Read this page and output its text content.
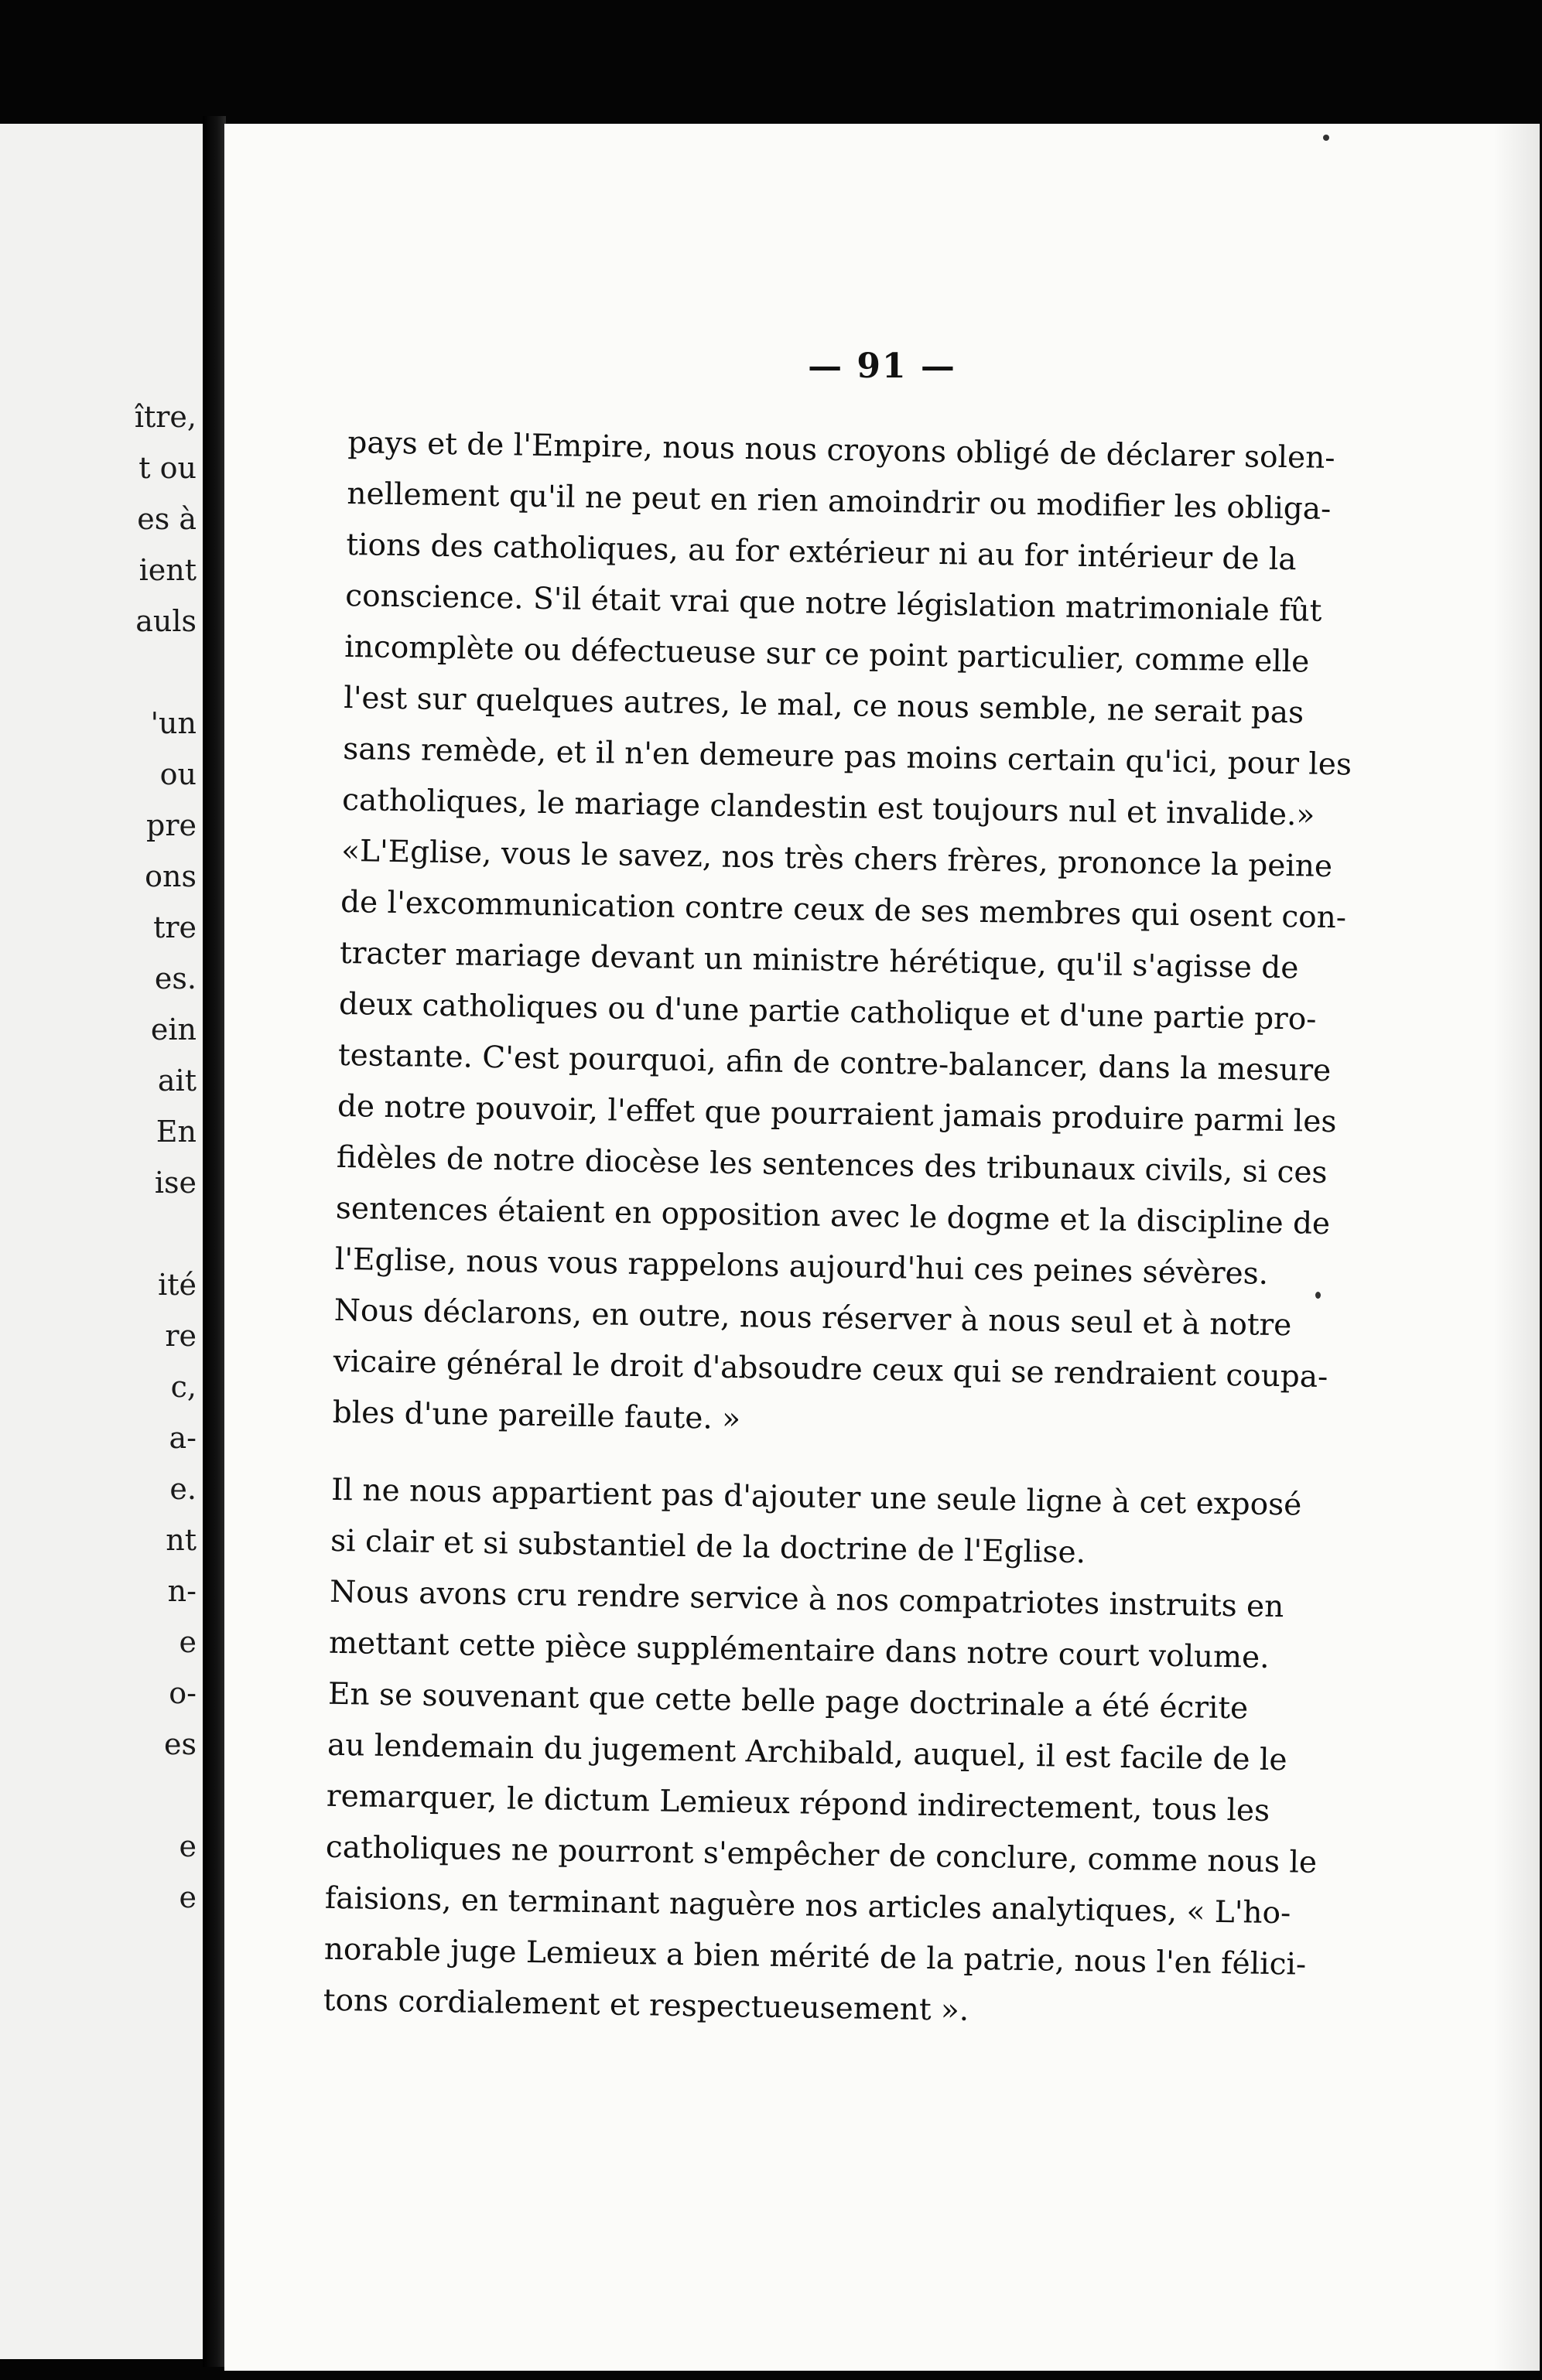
ître,
t ou
es à
ient
auls
'un
ou
pre
ons
tre
es.
ein
ait
En
ise
ité
re
c,
a-
e.
nt
n-
e
o-
es
e
e
— 91 —
pays et de l'Empire, nous nous croyons obligé de déclarer solen-
nellement qu'il ne peut en rien amoindrir ou modifier les obliga-
tions des catholiques, au for extérieur ni au for intérieur de la
conscience. S'il était vrai que notre législation matrimoniale fût
incomplète ou défectueuse sur ce point particulier, comme elle
l'est sur quelques autres, le mal, ce nous semble, ne serait pas
sans remède, et il n'en demeure pas moins certain qu'ici, pour les
catholiques, le mariage clandestin est toujours nul et invalide.»
«L'Eglise, vous le savez, nos très chers frères, prononce la peine
de l'excommunication contre ceux de ses membres qui osent con-
tracter mariage devant un ministre hérétique, qu'il s'agisse de
deux catholiques ou d'une partie catholique et d'une partie pro-
testante. C'est pourquoi, afin de contre-balancer, dans la mesure
de notre pouvoir, l'effet que pourraient jamais produire parmi les
fidèles de notre diocèse les sentences des tribunaux civils, si ces
sentences étaient en opposition avec le dogme et la discipline de
l'Eglise, nous vous rappelons aujourd'hui ces peines sévères.
Nous déclarons, en outre, nous réserver à nous seul et à notre
vicaire général le droit d'absoudre ceux qui se rendraient coupa-
bles d'une pareille faute. »
Il ne nous appartient pas d'ajouter une seule ligne à cet exposé
si clair et si substantiel de la doctrine de l'Eglise.
Nous avons cru rendre service à nos compatriotes instruits en
mettant cette pièce supplémentaire dans notre court volume.
En se souvenant que cette belle page doctrinale a été écrite
au lendemain du jugement Archibald, auquel, il est facile de le
remarquer, le dictum Lemieux répond indirectement, tous les
catholiques ne pourront s'empêcher de conclure, comme nous le
faisions, en terminant naguère nos articles analytiques, « L'ho-
norable juge Lemieux a bien mérité de la patrie, nous l'en félici-
tons cordialement et respectueusement ».
